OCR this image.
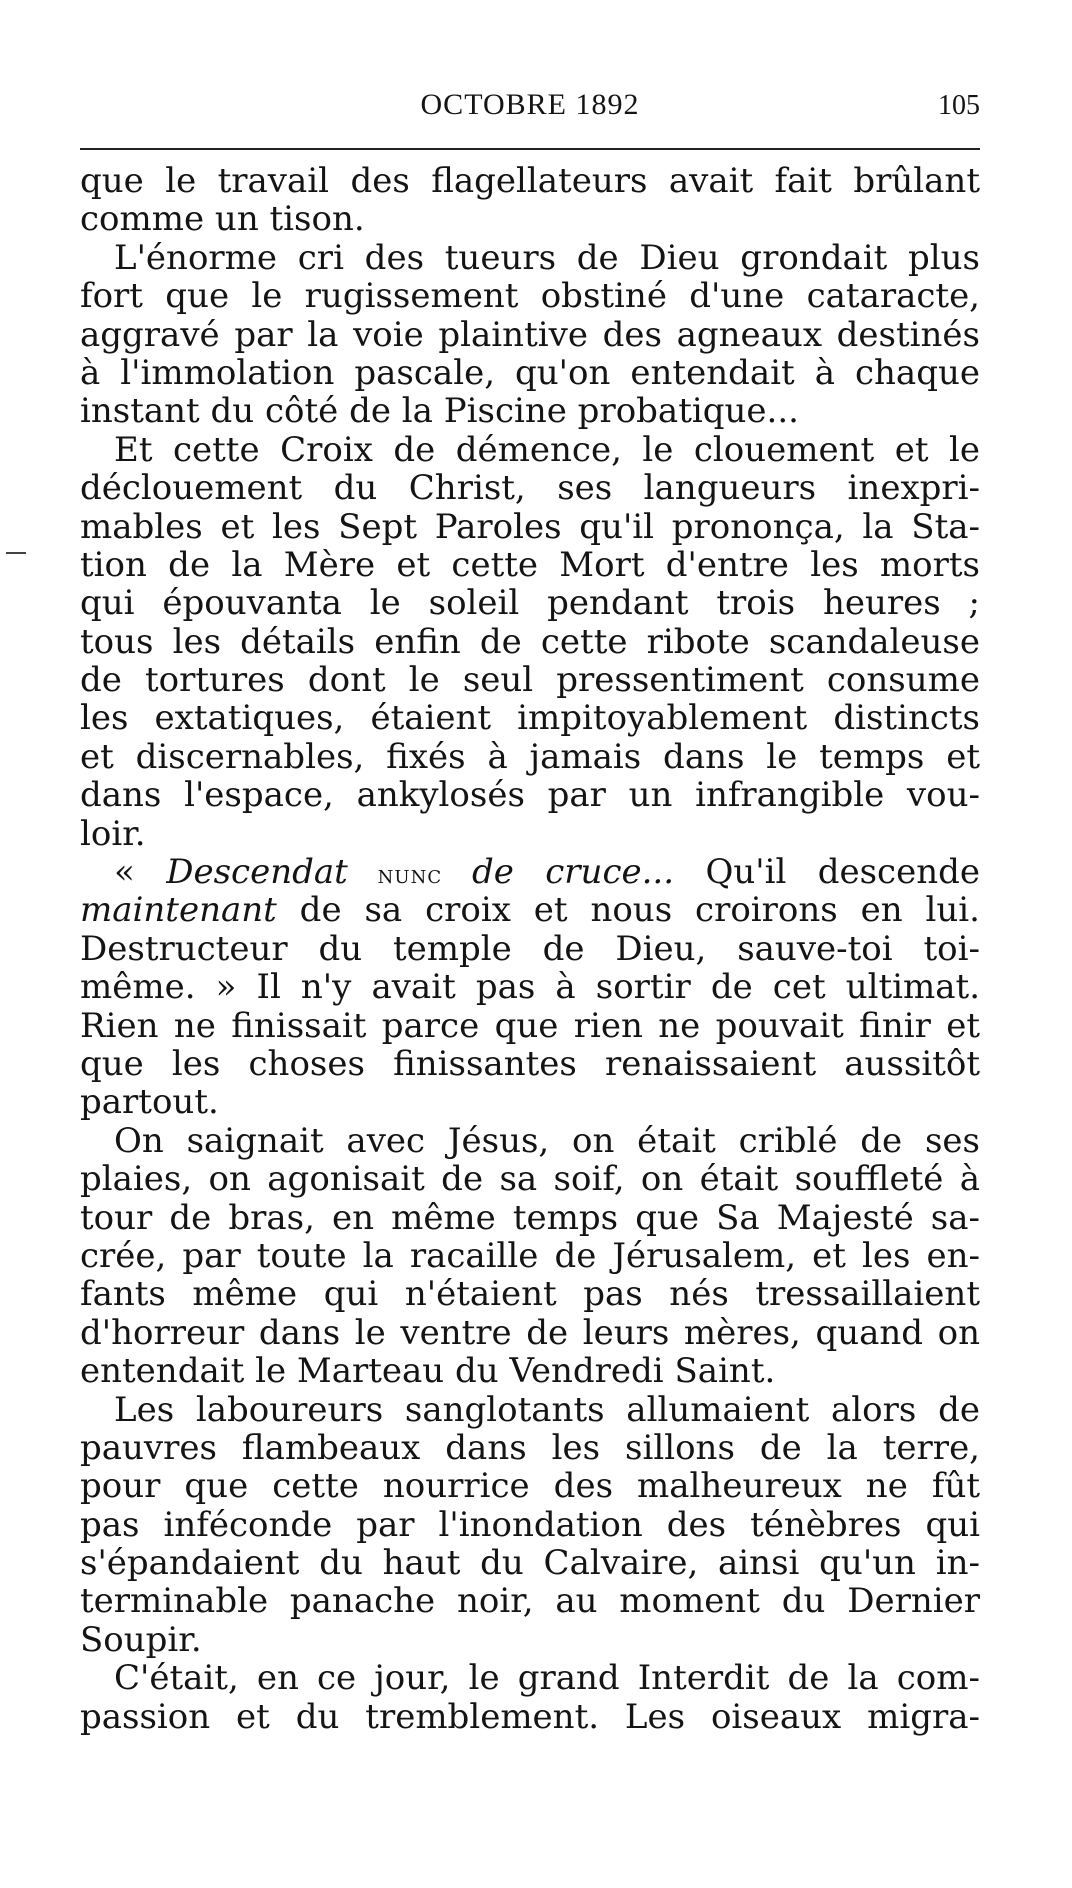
OCTOBRE 1892	105
que le travail des flagellateurs avait fait brûlant
comme un tison.
L'énorme cri des tueurs de Dieu grondait plus
fort que le rugissement obstiné d'une cataracte,
aggravé par la voie plaintive des agneaux destinés
à l'immolation pascale, qu'on entendait à chaque
instant du côté de la Piscine probatique...
Et cette Croix de démence, le clouement et le
déclouement du Christ, ses langueurs inexpri-
mables et les Sept Paroles qu'il prononça, la Sta-
tion de la Mère et cette Mort d'entre les morts
qui épouvanta le soleil pendant trois heures ;
tous les détails enfin de cette ribote scandaleuse
de tortures dont le seul pressentiment consume
les extatiques, étaient impitoyablement distincts
et discernables, fixés à jamais dans le temps et
dans l'espace, ankylosés par un infrangible vou-
loir.
« Descendat nunc de cruce... Qu'il descende
maintenant de sa croix et nous croirons en lui.
Destructeur du temple de Dieu, sauve-toi toi-
même. » Il n'y avait pas à sortir de cet ultimat.
Rien ne finissait parce que rien ne pouvait finir et
que les choses finissantes renaissaient aussitôt
partout.
On saignait avec Jésus, on était criblé de ses
plaies, on agonisait de sa soif, on était souffleté à
tour de bras, en même temps que Sa Majesté sa-
crée, par toute la racaille de Jérusalem, et les en-
fants même qui n'étaient pas nés tressaillaient
d'horreur dans le ventre de leurs mères, quand on
entendait le Marteau du Vendredi Saint.
Les laboureurs sanglotants allumaient alors de
pauvres flambeaux dans les sillons de la terre,
pour que cette nourrice des malheureux ne fût
pas inféconde par l'inondation des ténèbres qui
s'épandaient du haut du Calvaire, ainsi qu'un in-
terminable panache noir, au moment du Dernier
Soupir.
C'était, en ce jour, le grand Interdit de la com-
passion et du tremblement. Les oiseaux migra-
